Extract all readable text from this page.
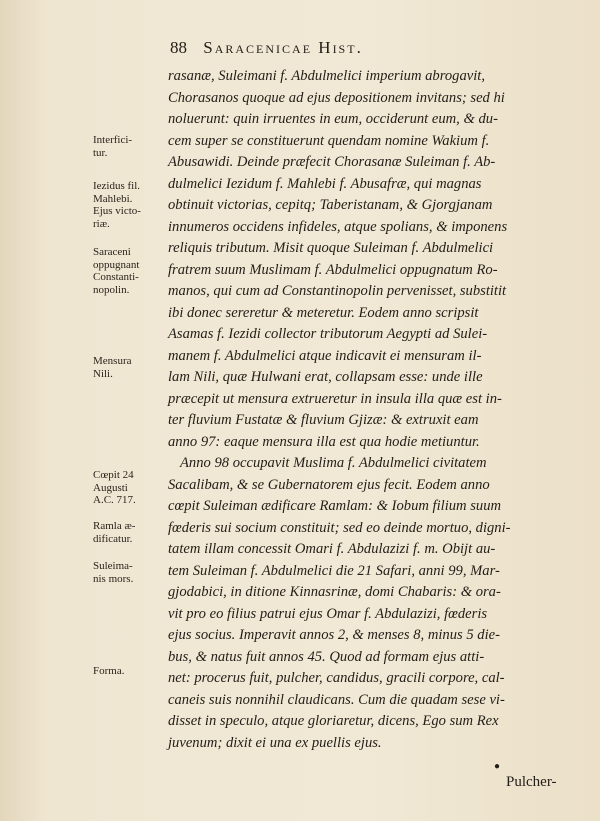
88 Saracenicae Hist.
rasanæ, Suleimani f. Abdulmelici imperium abrogavit,
Chorasanos quoque ad ejus depositionem invitans; sed hi
noluerunt: quin irruentes in eum, occiderunt eum, & du-
cem super se constituerunt quendam nomine Wakium f.
Abusawidi. Deinde præfecit Chorasanæ Suleiman f. Ab-
dulmelici Iezidum f. Mahlebi f. Abusafræ, qui magnas
obtinuit victorias, cepitq; Taberistanam, & Gjorgjanam
innumeros occidens infideles, atque spolians, & imponens
reliquis tributum. Misit quoque Suleiman f. Abdulmelici
fratrem suum Muslimam f. Abdulmelici oppugnatum Ro-
manos, qui cum ad Constantinopolin pervenisset, substitit
ibi donec sereretur & meteretur. Eodem anno scripsit
Asamas f. Iezidi collector tributorum Aegypti ad Sulei-
manem f. Abdulmelici atque indicavit ei mensuram il-
lam Nili, quæ Hulwani erat, collapsam esse: unde ille
præcepit ut mensura extrueretur in insula illa quæ est in-
ter fluvium Fustatæ & fluvium Gjizæ: & extruxit eam
anno 97: eaque mensura illa est qua hodie metiuntur.
Anno 98 occupavit Muslima f. Abdulmelici civitatem
Sacalibam, & se Gubernatorem ejus fecit. Eodem anno
cœpit Suleiman ædificare Ramlam: & Iobum filium suum
fœderis sui socium constituit; sed eo deinde mortuo, digni-
tatem illam concessit Omari f. Abdulazizi f. m. Obijt au-
tem Suleiman f. Abdulmelici die 21 Safari, anni 99, Mar-
gjodabici, in ditione Kinnasrinæ, domi Chabaris: & ora-
vit pro eo filius patrui ejus Omar f. Abdulazizi, fœderis
ejus socius. Imperavit annos 2, & menses 8, minus 5 die-
bus, & natus fuit annos 45. Quod ad formam ejus atti-
net: procerus fuit, pulcher, candidus, gracili corpore, cal-
caneis suis nonnihil claudicans. Cum die quadam sese vi-
disset in speculo, atque gloriaretur, dicens, Ego sum Rex
juvenum; dixit ei una ex puellis ejus.
Interfici-
tur.
Iezidus fil.
Mahlebi.
Ejus victo-
riæ.
Saraceni
oppugnant
Constanti-
nopolin.
Mensura
Nili.
Cœpit 24
Augusti
A.C. 717.
Ramla æ-
dificatur.
Suleima-
nis mors.
Forma.
●
Pulcher-
